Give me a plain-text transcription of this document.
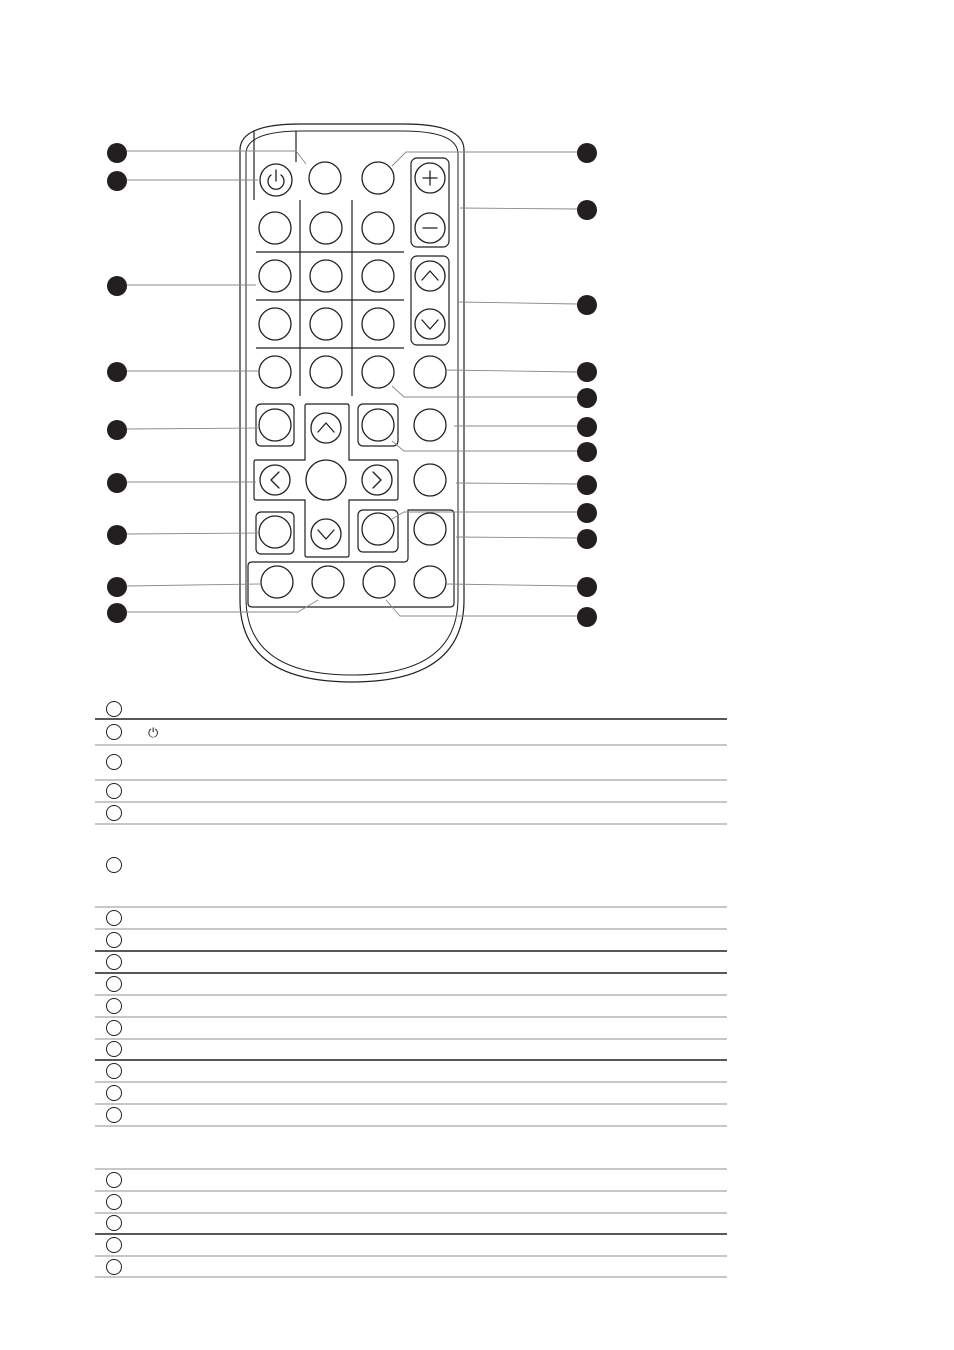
⏻
